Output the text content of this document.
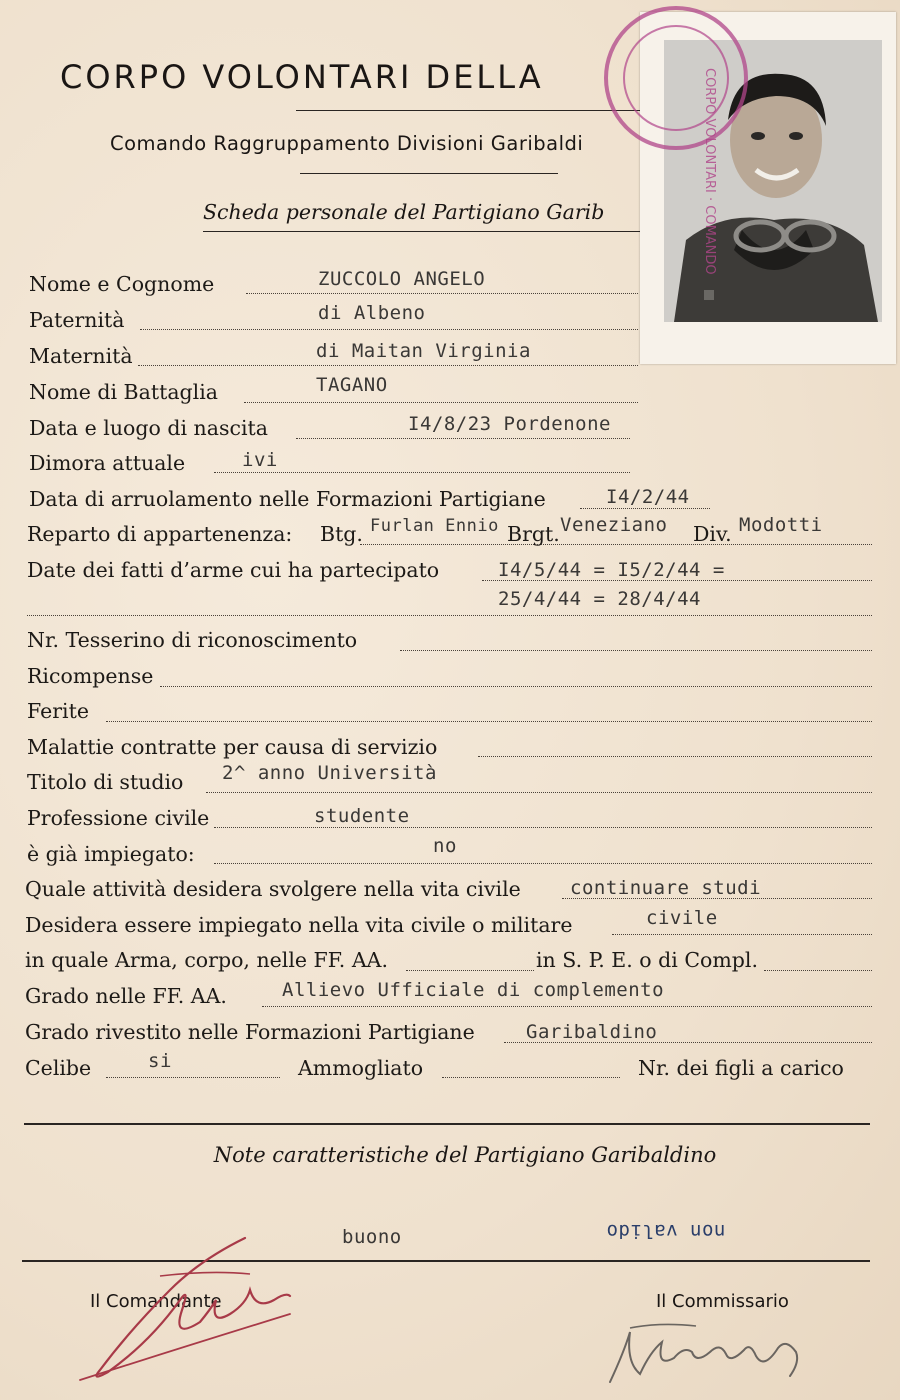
CORPO VOLONTARI DELLA
Comando Raggruppamento Divisioni Garibaldi
Scheda personale del Partigiano Garib	CORPO VOLONTARI · COMANDO
Nome e Cognome	ZUCCOLO ANGELO
Paternità	di Albeno
Maternità	di Maitan Virginia
Nome di Battaglia	TAGANO
Data e luogo di nascita	I4/8/23 Pordenone
Dimora attuale	ivi
Data di arruolamento nelle Formazioni Partigiane	I4/2/44
Reparto di appartenenza: Btg. Furlan Ennio Brgt. Veneziano Div. Modotti
Date dei fatti d’arme cui ha partecipato	I4/5/44 = I5/2/44 =
25/4/44 = 28/4/44
Nr. Tesserino di riconoscimento
Ricompense
Ferite
Malattie contratte per causa di servizio
Titolo di studio 2^ anno Università
Professione civile	studente
è già impiegato:	no
Quale attività desidera svolgere nella vita civile	continuare studi
Desidera essere impiegato nella vita civile o militare	civile
in quale Arma, corpo, nelle FF. AA.	in S. P. E. o di Compl.
Grado nelle FF. AA.	Allievo Ufficiale di complemento
Grado rivestito nelle Formazioni Partigiane	Garibaldino
Celibe	si	Ammogliato	Nr. dei figli a carico
Note caratteristiche del Partigiano Garibaldino
buono	non valido
Il Comandante	Il Commissario
